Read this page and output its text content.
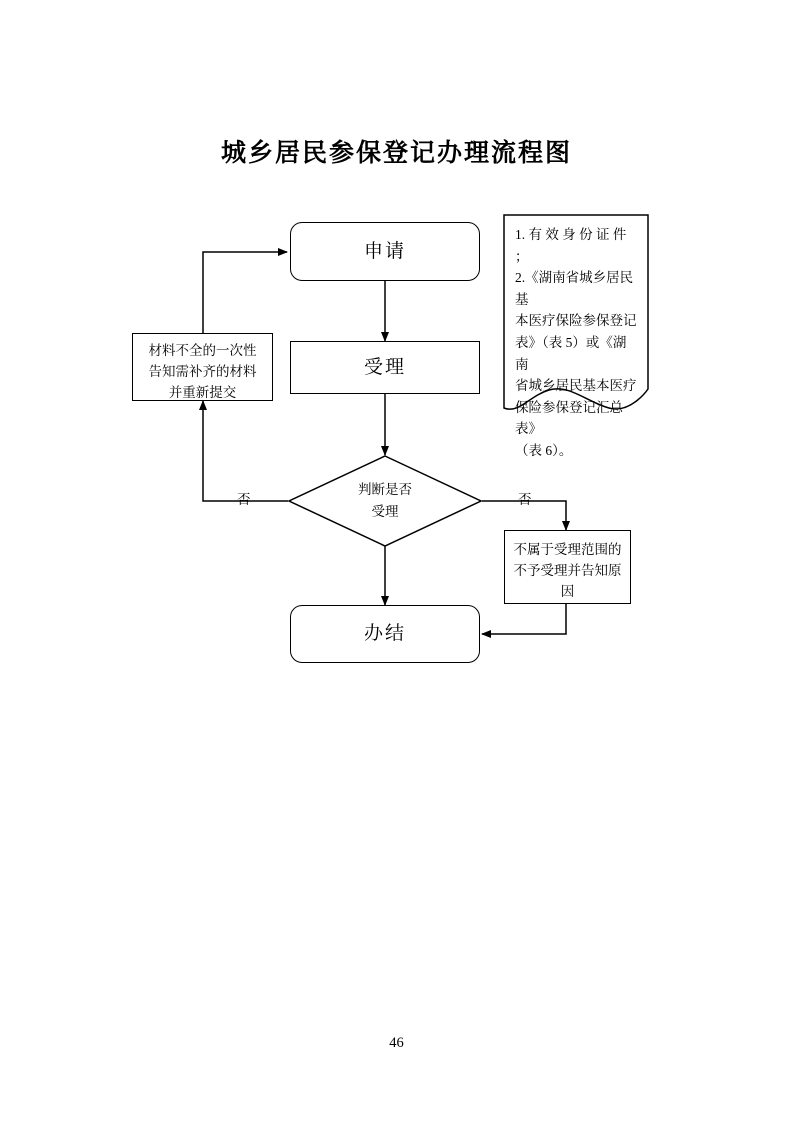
城乡居民参保登记办理流程图
申请
受理
判断是否
受理
办结
材料不全的一次性
告知需补齐的材料
并重新提交
不属于受理范围的
不予受理并告知原
因
1. 有 效 身 份 证 件 ；
2.《湖南省城乡居民基
本医疗保险参保登记
表》（表 5）或《湖南
省城乡居民基本医疗
保险参保登记汇总表》
（表 6）。
否	否
46
